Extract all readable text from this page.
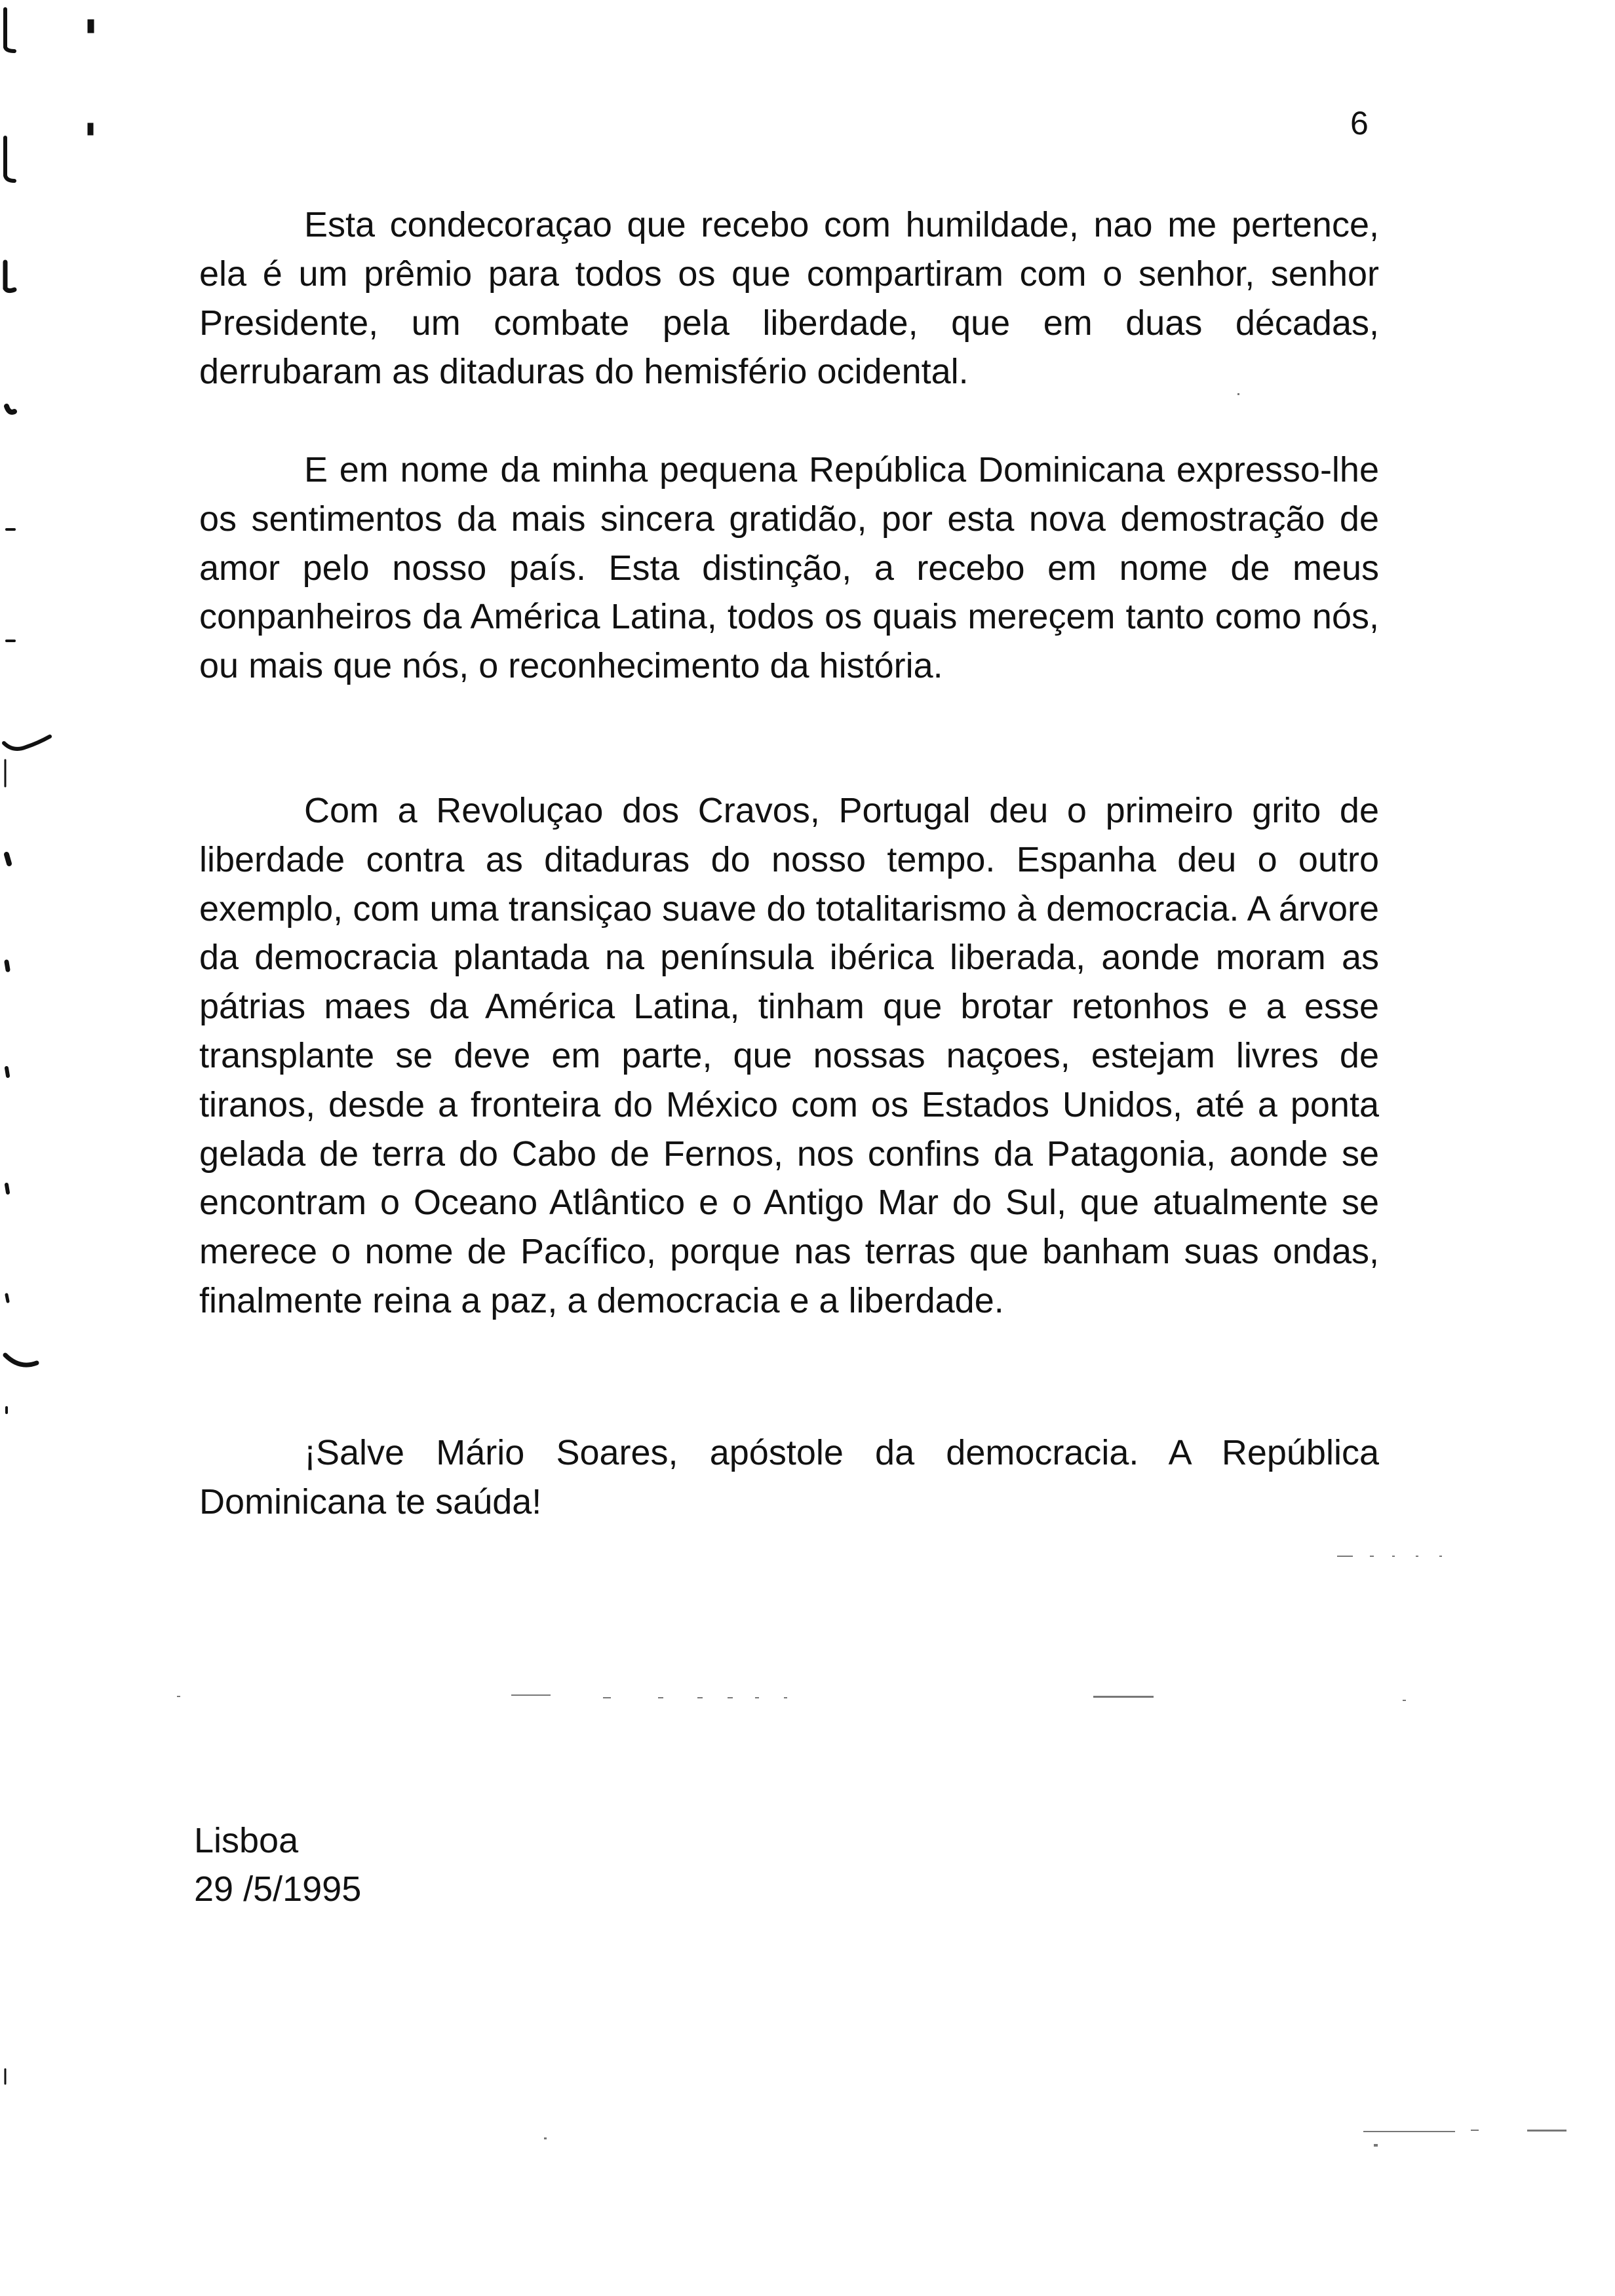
6

Esta condecoraçao que recebo com humildade, nao me pertence, ela é um prêmio para todos os que compartiram com o senhor, senhor Presidente, um combate pela liberdade, que em duas décadas, derrubaram as ditaduras do hemisfério ocidental.

E em nome da minha pequena República Dominicana expresso-lhe os sentimentos da mais sincera gratidão, por esta nova demostração de amor pelo nosso país. Esta distinção, a recebo em nome de meus conpanheiros da América Latina, todos os quais mereçem tanto como nós, ou mais que nós, o reconhecimento da história.

Com a Revoluçao dos Cravos, Portugal deu o primeiro grito de liberdade contra as ditaduras do nosso tempo. Espanha deu o outro exemplo, com uma transiçao suave do totalitarismo à democracia. A árvore da democracia plantada na península ibérica liberada, aonde moram as pátrias maes da América Latina, tinham que brotar retonhos e a esse transplante se deve em parte, que nossas naçoes, estejam livres de tiranos, desde a fronteira do México com os Estados Unidos, até a ponta gelada de terra do Cabo de Fernos, nos confins da Patagonia, aonde se encontram o Oceano Atlântico e o Antigo Mar do Sul, que atualmente se merece o nome de Pacífico, porque nas terras que banham suas ondas, finalmente reina a paz, a democracia e a liberdade.

¡Salve Mário Soares, apóstole da democracia. A República Dominicana te saúda!

Lisboa

29 /5/1995
